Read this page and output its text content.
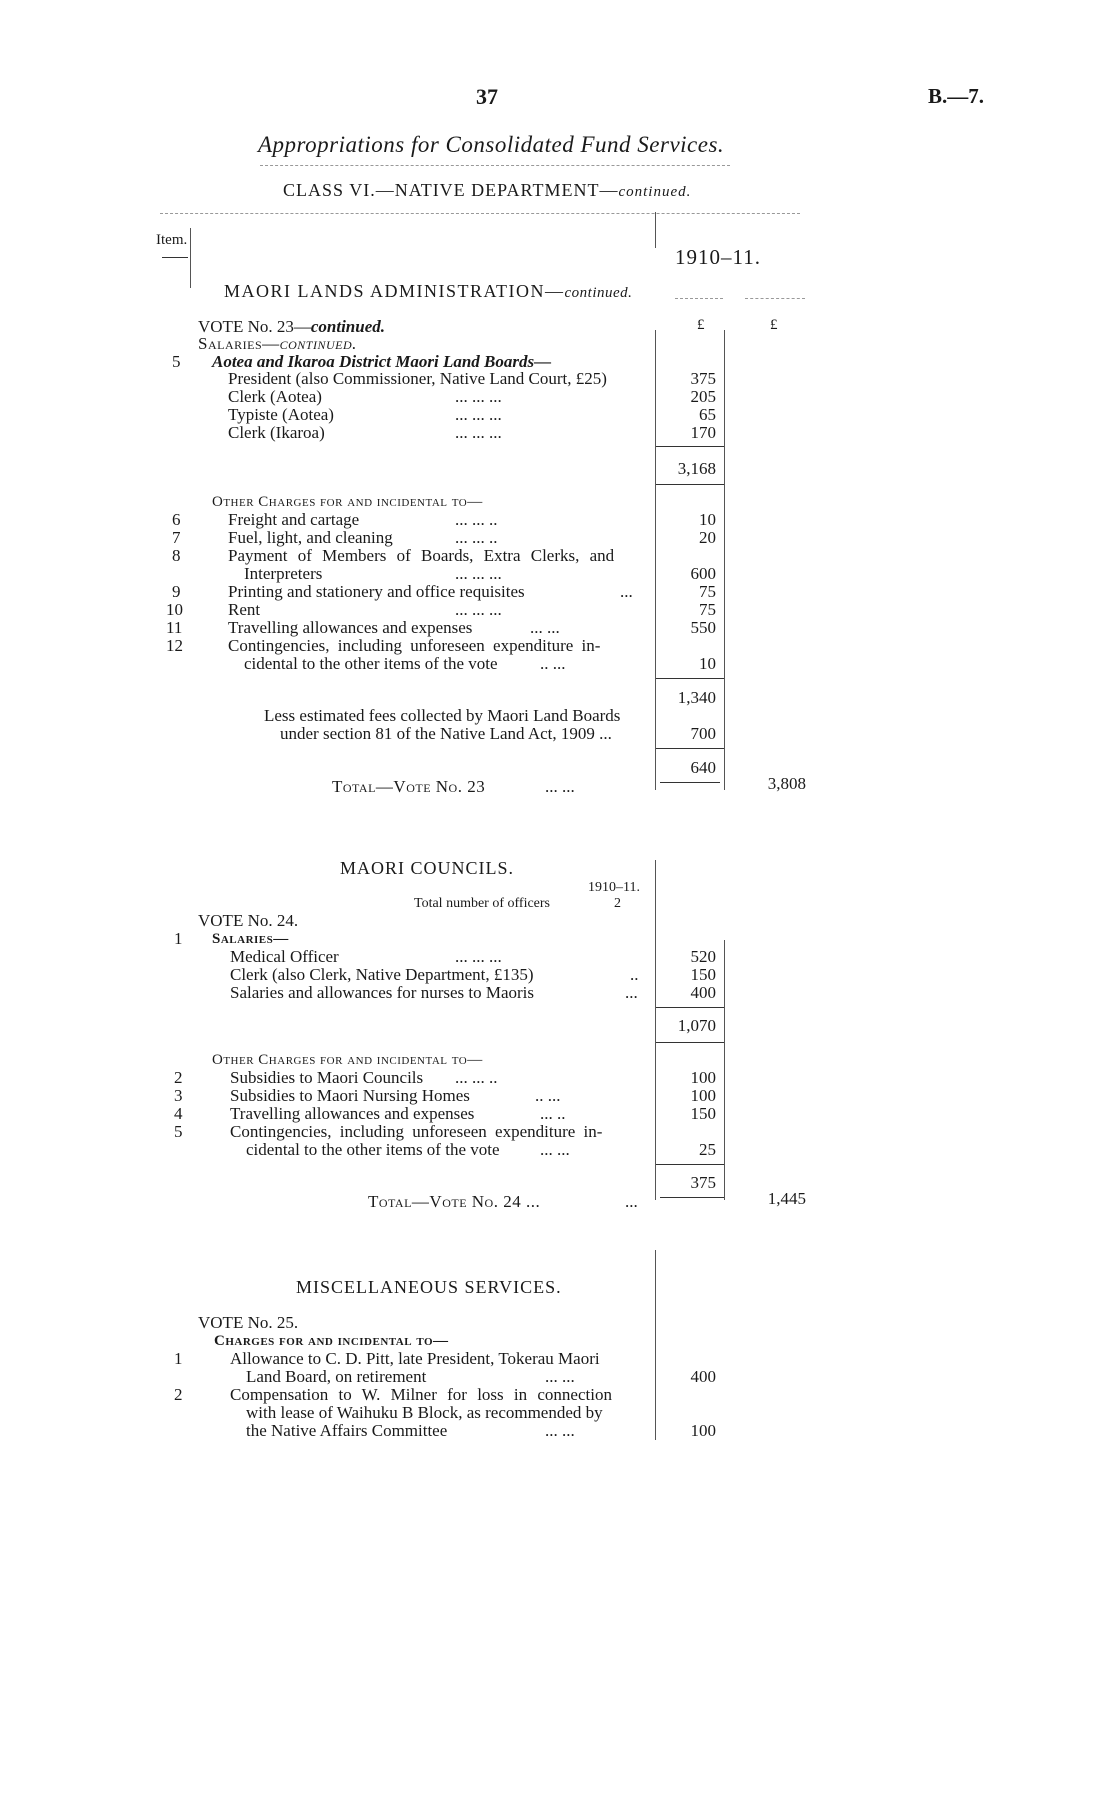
37	B.—7.
Appropriations for Consolidated Fund Services.
CLASS VI.—NATIVE DEPARTMENT—continued.
Item.
1910–11.
MAORI LANDS ADMINISTRATION—continued.
VOTE No. 23—continued.	£	£
Salaries—continued.
5 Aotea and Ikaroa District Maori Land Boards—
President (also Commissioner, Native Land Court, £25)	375
Clerk (Aotea)	... ... ...	205
Typiste (Aotea)	... ... ...	65
Clerk (Ikaroa)	... ... ...	170
3,168
Other Charges for and incidental to—
6	Freight and cartage	... ... ..	10
7	Fuel, light, and cleaning	... ... ..	20
8	Payment of Members of Boards, Extra Clerks, and
Interpreters	... ... ...	600
9	Printing and stationery and office requisites	...	75
10	Rent	... ... ...	75
11	Travelling allowances and expenses	... ...	550
12	Contingencies, including unforeseen expenditure in-
cidental to the other items of the vote .. ...	10
1,340
Less estimated fees collected by Maori Land Boards
under section 81 of the Native Land Act, 1909 ...	700
640
Total—Vote No. 23	... ...	3,808
MAORI COUNCILS.
1910–11.
Total number of officers	2
VOTE No. 24.
1 Salaries—
Medical Officer	... ... ...	520
Clerk (also Clerk, Native Department, £135)	..	150
Salaries and allowances for nurses to Maoris	...	400
1,070
Other Charges for and incidental to—
2	Subsidies to Maori Councils ... ... ..	100
3	Subsidies to Maori Nursing Homes	.. ...	100
4	Travelling allowances and expenses	... ..	150
5	Contingencies, including unforeseen expenditure in-
cidental to the other items of the vote ... ...	25
375
Total—Vote No. 24 ...	...	1,445
MISCELLANEOUS SERVICES.
VOTE No. 25.
Charges for and incidental to—
1	Allowance to C. D. Pitt, late President, Tokerau Maori
Land Board, on retirement	... ...	400
2	Compensation to W. Milner for loss in connection
with lease of Waihuku B Block, as recommended by
the Native Affairs Committee	... ...	100
